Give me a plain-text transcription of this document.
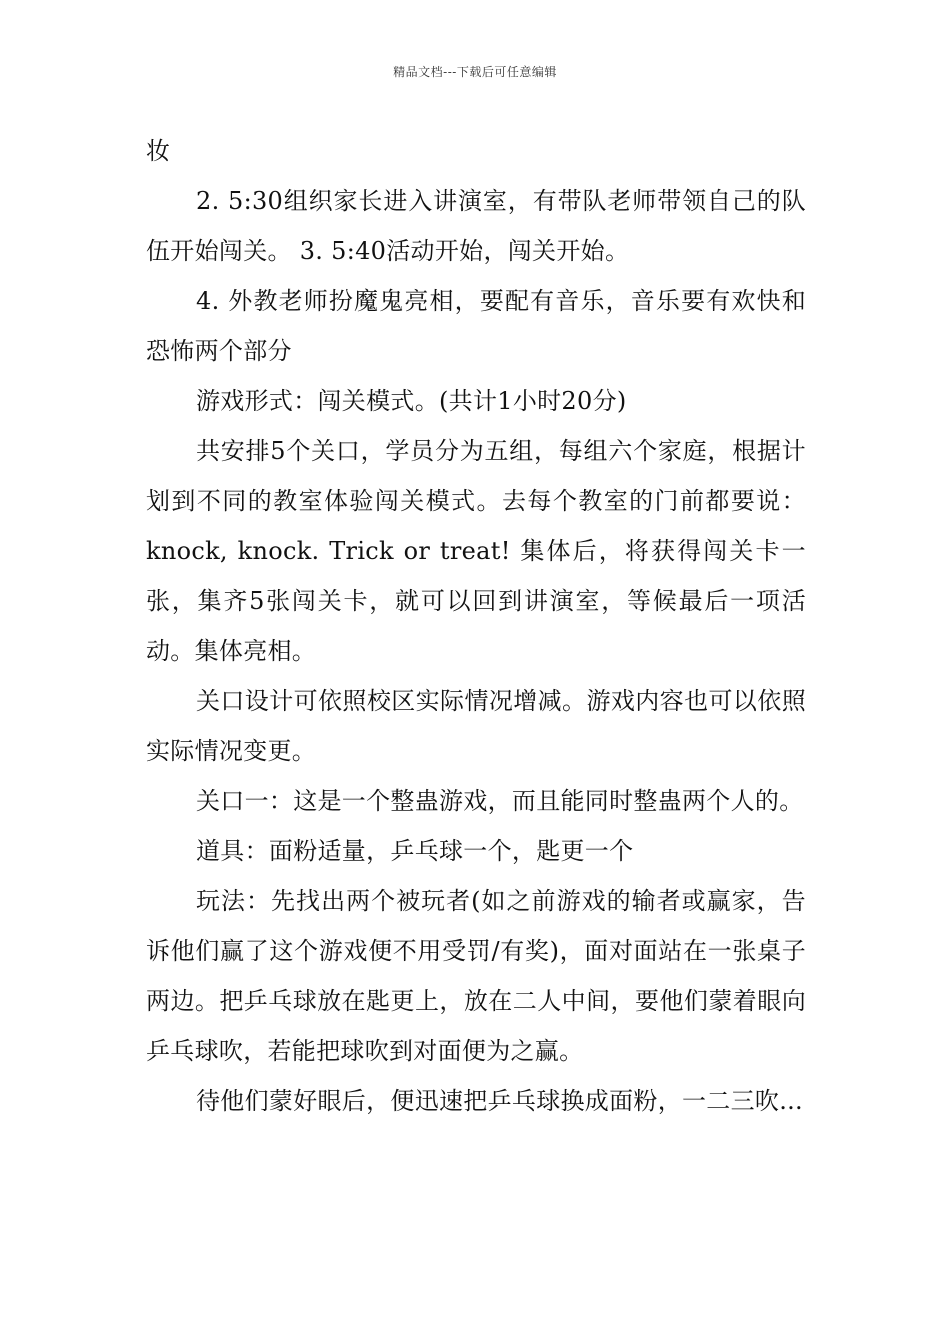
精品文档---下载后可任意编辑

妆

2. 5:30组织家长进入讲演室，有带队老师带领自己的队伍开始闯关。 3. 5:40活动开始，闯关开始。

4. 外教老师扮魔鬼亮相，要配有音乐，音乐要有欢快和恐怖两个部分

游戏形式：闯关模式。(共计1小时20分)

共安排5个关口，学员分为五组，每组六个家庭，根据计划到不同的教室体验闯关模式。去每个教室的门前都要说：knock, knock. Trick or treat! 集体后，将获得闯关卡一张，集齐5张闯关卡，就可以回到讲演室，等候最后一项活动。集体亮相。

关口设计可依照校区实际情况增减。游戏内容也可以依照实际情况变更。

关口一：这是一个整蛊游戏，而且能同时整蛊两个人的。

道具：面粉适量，乒乓球一个，匙更一个

玩法：先找出两个被玩者(如之前游戏的输者或赢家，告诉他们赢了这个游戏便不用受罚/有奖)，面对面站在一张桌子两边。把乒乓球放在匙更上，放在二人中间，要他们蒙着眼向乒乓球吹，若能把球吹到对面便为之赢。

待他们蒙好眼后，便迅速把乒乓球换成面粉，一二三吹...
